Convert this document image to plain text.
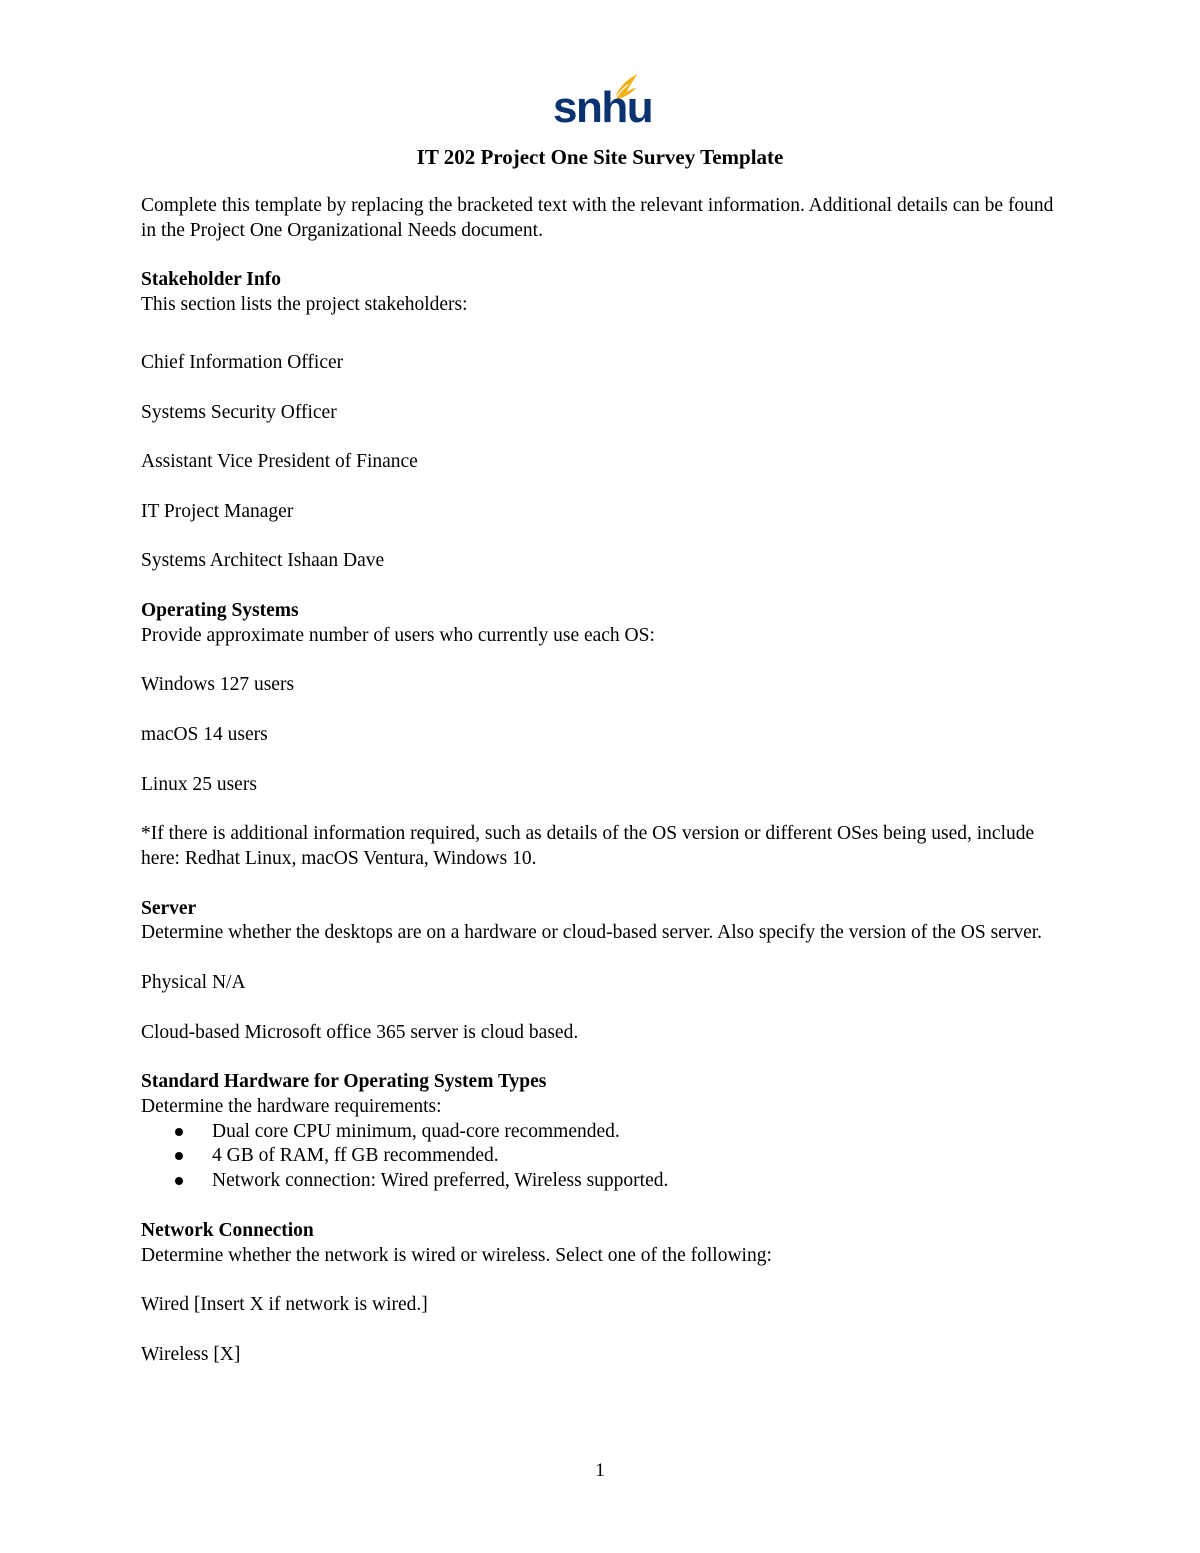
snhu
IT 202 Project One Site Survey Template

Complete this template by replacing the bracketed text with the relevant information. Additional details can be found in the Project One Organizational Needs document.

Stakeholder Info

This section lists the project stakeholders:

Chief Information Officer

Systems Security Officer

Assistant Vice President of Finance

IT Project Manager

Systems Architect Ishaan Dave

Operating Systems

Provide approximate number of users who currently use each OS:

Windows 127 users

macOS 14 users

Linux 25 users

*If there is additional information required, such as details of the OS version or different OSes being used, include here: Redhat Linux, macOS Ventura, Windows 10.

Server

Determine whether the desktops are on a hardware or cloud-based server. Also specify the version of the OS server.

Physical N/A

Cloud-based Microsoft office 365 server is cloud based.

Standard Hardware for Operating System Types

Determine the hardware requirements:

Dual core CPU minimum, quad-core recommended.
4 GB of RAM, ff GB recommended.
Network connection: Wired preferred, Wireless supported.

Network Connection

Determine whether the network is wired or wireless. Select one of the following:

Wired [Insert X if network is wired.]

Wireless [X]

1
